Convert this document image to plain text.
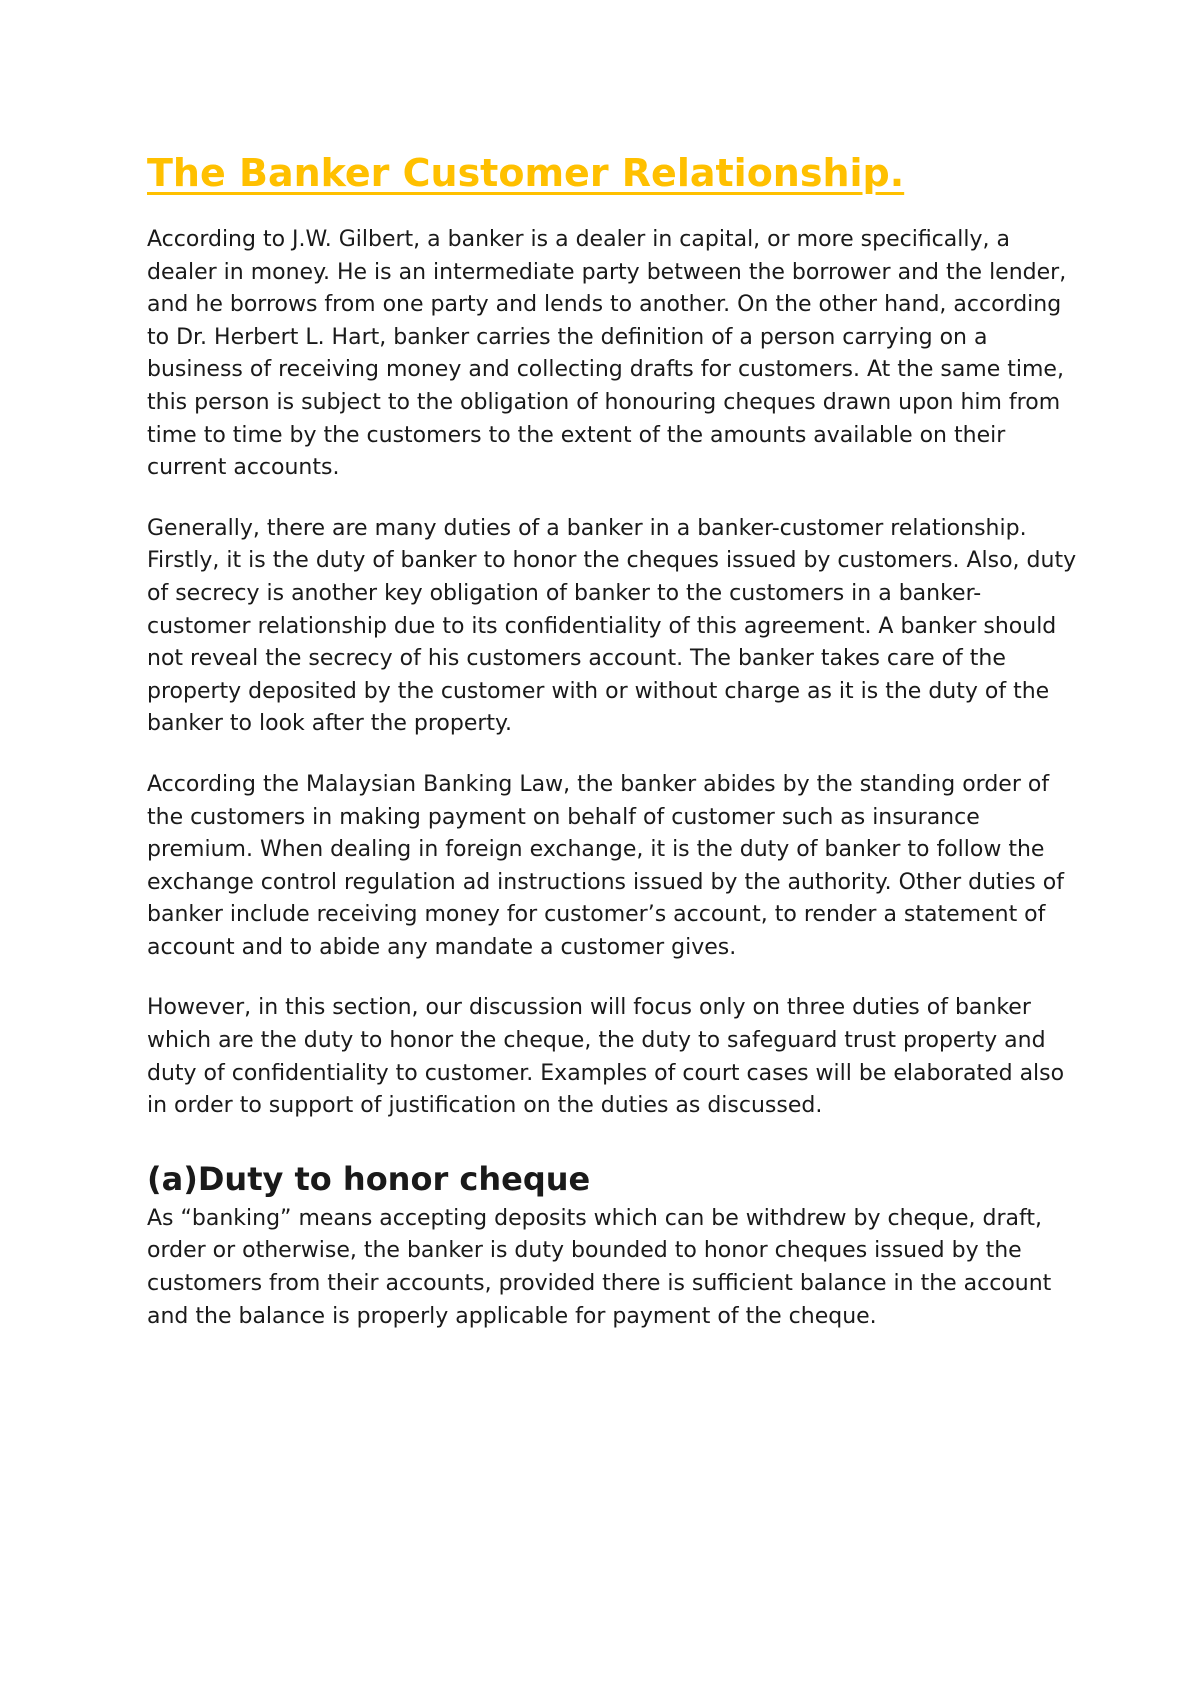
The Banker Customer Relationship.

According to J.W. Gilbert, a banker is a dealer in capital, or more specifically, a dealer in money. He is an intermediate party between the borrower and the lender, and he borrows from one party and lends to another. On the other hand, according to Dr. Herbert L. Hart, banker carries the definition of a person carrying on a business of receiving money and collecting drafts for customers. At the same time, this person is subject to the obligation of honouring cheques drawn upon him from time to time by the customers to the extent of the amounts available on their current accounts.

Generally, there are many duties of a banker in a banker-customer relationship. Firstly, it is the duty of banker to honor the cheques issued by customers. Also, duty of secrecy is another key obligation of banker to the customers in a banker-customer relationship due to its confidentiality of this agreement. A banker should not reveal the secrecy of his customers account. The banker takes care of the property deposited by the customer with or without charge as it is the duty of the banker to look after the property.

According the Malaysian Banking Law, the banker abides by the standing order of the customers in making payment on behalf of customer such as insurance premium. When dealing in foreign exchange, it is the duty of banker to follow the exchange control regulation ad instructions issued by the authority. Other duties of banker include receiving money for customer’s account, to render a statement of account and to abide any mandate a customer gives.

However, in this section, our discussion will focus only on three duties of banker which are the duty to honor the cheque, the duty to safeguard trust property and duty of confidentiality to customer. Examples of court cases will be elaborated also in order to support of justification on the duties as discussed.

(a)Duty to honor cheque

As “banking” means accepting deposits which can be withdrew by cheque, draft, order or otherwise, the banker is duty bounded to honor cheques issued by the customers from their accounts, provided there is sufficient balance in the account and the balance is properly applicable for payment of the cheque.
